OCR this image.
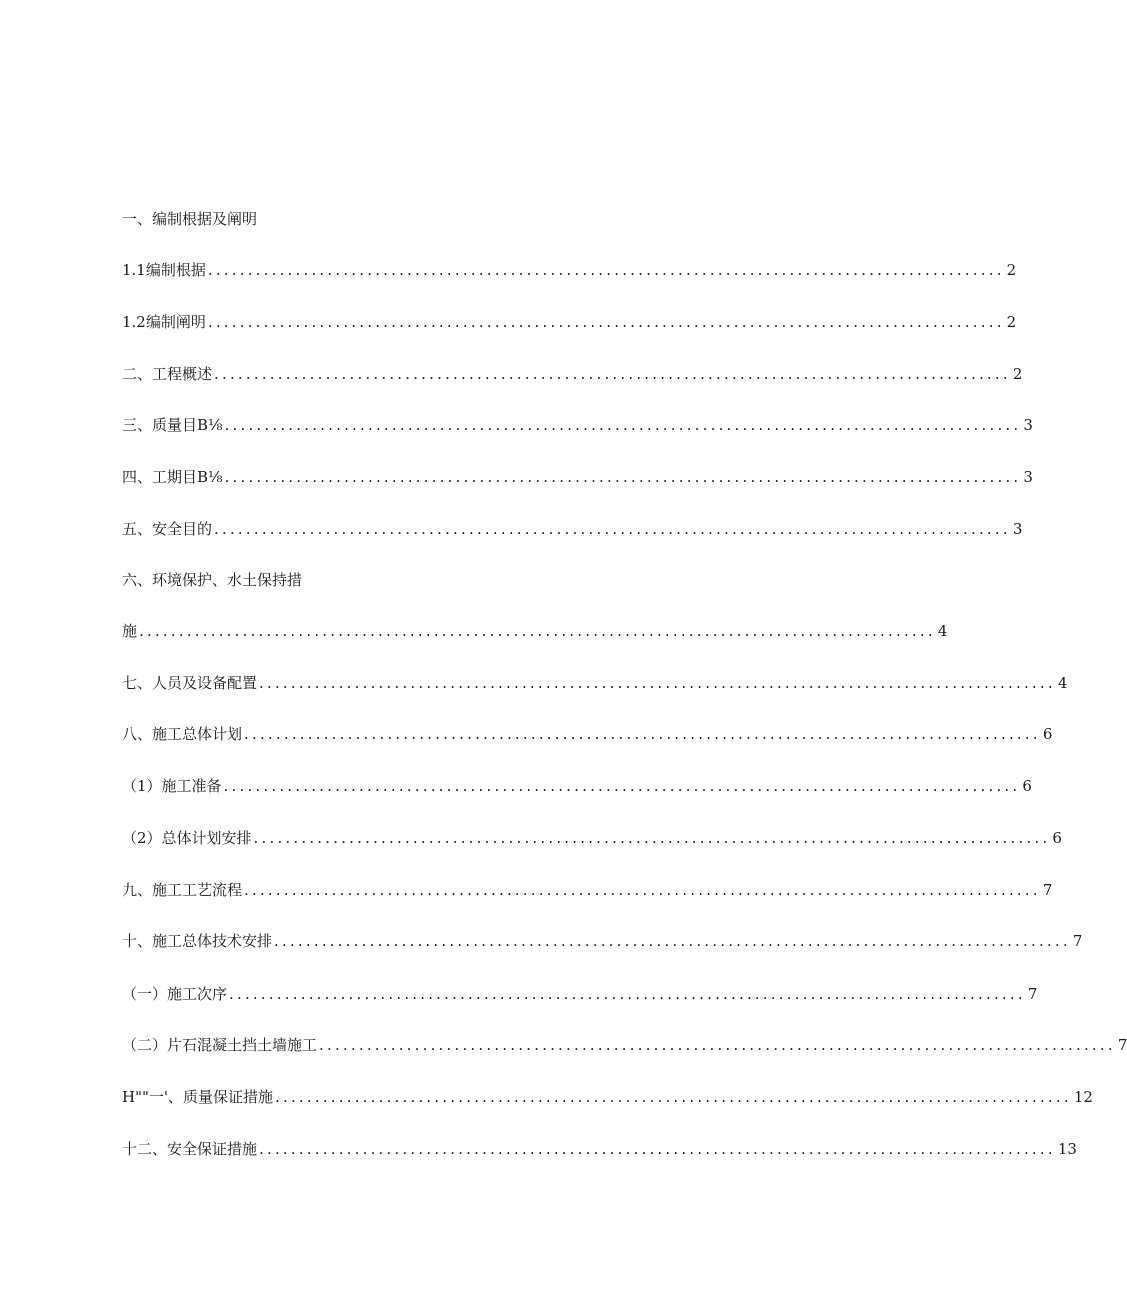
一、编制根据及阐明
1.1编制根据 .................................................................................................... 2
1.2编制阐明 .................................................................................................... 2
二、工程概述 .................................................................................................... 2
三、质量目B⅛ .................................................................................................... 3
四、工期目B⅛ .................................................................................................... 3
五、安全目的 .................................................................................................... 3
六、环境保护、水土保持措
施 .................................................................................................... 4
七、人员及设备配置 .................................................................................................... 4
八、施工总体计划 .................................................................................................... 6
（1）施工准备 .................................................................................................... 6
（2）总体计划安排 .................................................................................................... 6
九、施工工艺流程 .................................................................................................... 7
十、施工总体技术安排 .................................................................................................... 7
（一）施工次序 .................................................................................................... 7
（二）片石混凝土挡土墙施工 .................................................................................................... 7
H""一'、质量保证措施 .................................................................................................... 12
十二、安全保证措施 .................................................................................................... 13
